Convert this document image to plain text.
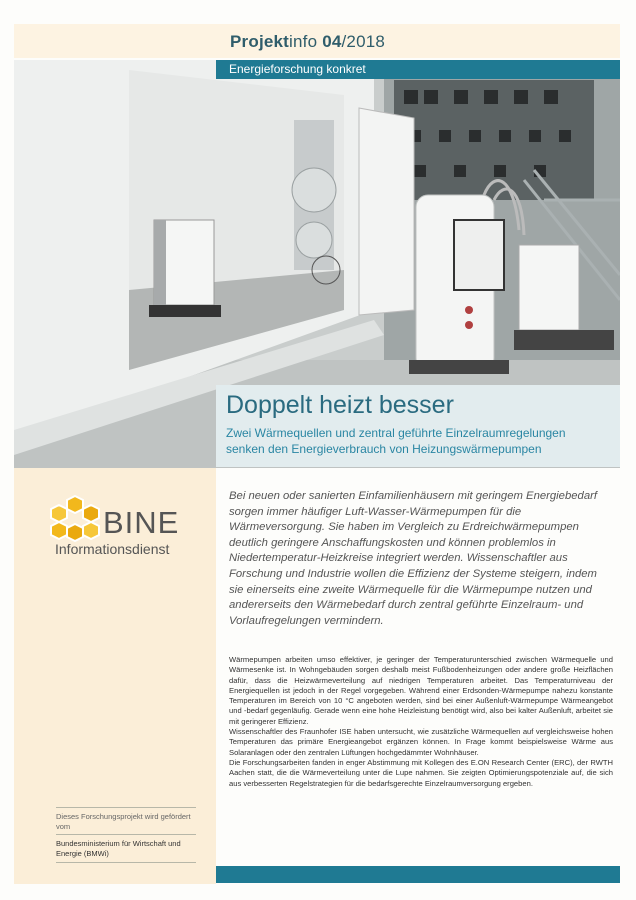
Projektinfo 04/2018
Energieforschung konkret
Doppelt heizt besser
Zwei Wärmequellen und zentral geführte Einzelraumregelungen
senken den Energieverbrauch von Heizungswärmepumpen
BINE
Informationsdienst
Dieses Forschungsprojekt wird gefördert vom
Bundesministerium für Wirtschaft und Energie (BMWi)
Bei neuen oder sanierten Einfamilienhäusern mit geringem Energiebedarf sorgen immer häufiger Luft-Wasser-Wärmepumpen für die Wärmeversorgung. Sie haben im Vergleich zu Erdreichwärmepumpen deutlich geringere Anschaffungskosten und können problemlos in Niedertemperatur-Heizkreise integriert werden. Wissenschaftler aus Forschung und Industrie wollen die Effizienz der Systeme steigern, indem sie einerseits eine zweite Wärmequelle für die Wärmepumpe nutzen und andererseits den Wärmebedarf durch zentral geführte Einzelraum- und Vorlaufregelungen vermindern.

Wärmepumpen arbeiten umso effektiver, je geringer der Temperaturunterschied zwischen Wärmequelle und Wärmesenke ist. In Wohngebäuden sorgen deshalb meist Fußbodenheizungen oder andere große Heizflächen dafür, dass die Heizwärmeverteilung auf niedrigen Temperaturen arbeitet. Das Temperaturniveau der Energiequellen ist jedoch in der Regel vorgegeben. Während einer Erdsonden-Wärmepumpe nahezu konstante Temperaturen im Bereich von 10 °C angeboten werden, sind bei einer Außenluft-Wärmepumpe Wärmeangebot und -bedarf gegenläufig. Gerade wenn eine hohe Heizleistung benötigt wird, also bei kalter Außenluft, arbeitet sie mit geringerer Effizienz.

Wissenschaftler des Fraunhofer ISE haben untersucht, wie zusätzliche Wärmequellen auf vergleichsweise hohen Temperaturen das primäre Energieangebot ergänzen können. In Frage kommt beispielsweise Wärme aus Solaranlagen oder den zentralen Lüftungen hochgedämmter Wohnhäuser.

Die Forschungsarbeiten fanden in enger Abstimmung mit Kollegen des E.ON Research Center (ERC), der RWTH Aachen statt, die die Wärmeverteilung unter die Lupe nahmen. Sie zeigten Optimierungspotenziale auf, die sich aus verbesserten Regelstrategien für die bedarfsgerechte Einzelraumversorgung ergeben.
